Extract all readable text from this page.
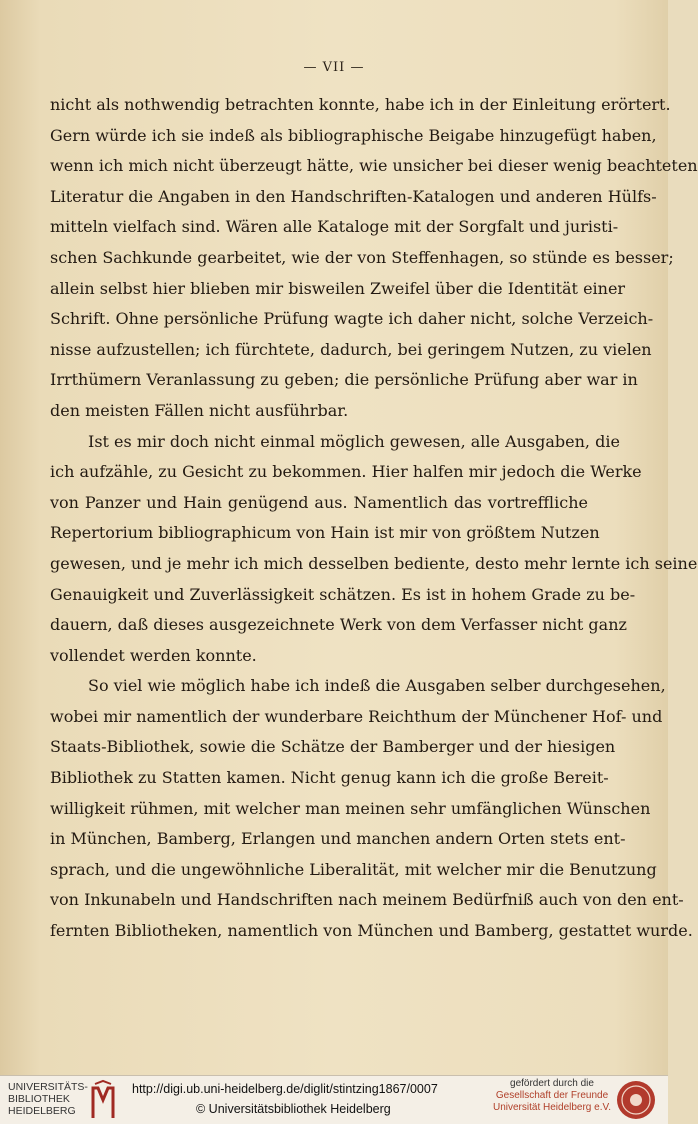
— VII —
nicht als nothwendig betrachten konnte, habe ich in der Einleitung erörtert.
Gern würde ich sie indeß als bibliographische Beigabe hinzugefügt haben,
wenn ich mich nicht überzeugt hätte, wie unsicher bei dieser wenig beachteten
Literatur die Angaben in den Handschriften-Katalogen und anderen Hülfs-
mitteln vielfach sind. Wären alle Kataloge mit der Sorgfalt und juristi-
schen Sachkunde gearbeitet, wie der von Steffenhagen, so stünde es besser;
allein selbst hier blieben mir bisweilen Zweifel über die Identität einer
Schrift. Ohne persönliche Prüfung wagte ich daher nicht, solche Verzeich-
nisse aufzustellen; ich fürchtete, dadurch, bei geringem Nutzen, zu vielen
Irrthümern Veranlassung zu geben; die persönliche Prüfung aber war in
den meisten Fällen nicht ausführbar.
Ist es mir doch nicht einmal möglich gewesen, alle Ausgaben, die
ich aufzähle, zu Gesicht zu bekommen. Hier halfen mir jedoch die Werke
von Panzer und Hain genügend aus. Namentlich das vortreffliche
Repertorium bibliographicum von Hain ist mir von größtem Nutzen
gewesen, und je mehr ich mich desselben bediente, desto mehr lernte ich seine
Genauigkeit und Zuverlässigkeit schätzen. Es ist in hohem Grade zu be-
dauern, daß dieses ausgezeichnete Werk von dem Verfasser nicht ganz
vollendet werden konnte.
So viel wie möglich habe ich indeß die Ausgaben selber durchgesehen,
wobei mir namentlich der wunderbare Reichthum der Münchener Hof- und
Staats-Bibliothek, sowie die Schätze der Bamberger und der hiesigen
Bibliothek zu Statten kamen. Nicht genug kann ich die große Bereit-
willigkeit rühmen, mit welcher man meinen sehr umfänglichen Wünschen
in München, Bamberg, Erlangen und manchen andern Orten stets ent-
sprach, und die ungewöhnliche Liberalität, mit welcher mir die Benutzung
von Inkunabeln und Handschriften nach meinem Bedürfniß auch von den ent-
fernten Bibliotheken, namentlich von München und Bamberg, gestattet wurde.
UNIVERSITÄTS-
BIBLIOTHEK
HEIDELBERG
http://digi.ub.uni-heidelberg.de/diglit/stintzing1867/0007
© Universitätsbibliothek Heidelberg
gefördert durch die
Gesellschaft der Freunde
Universität Heidelberg e.V.
